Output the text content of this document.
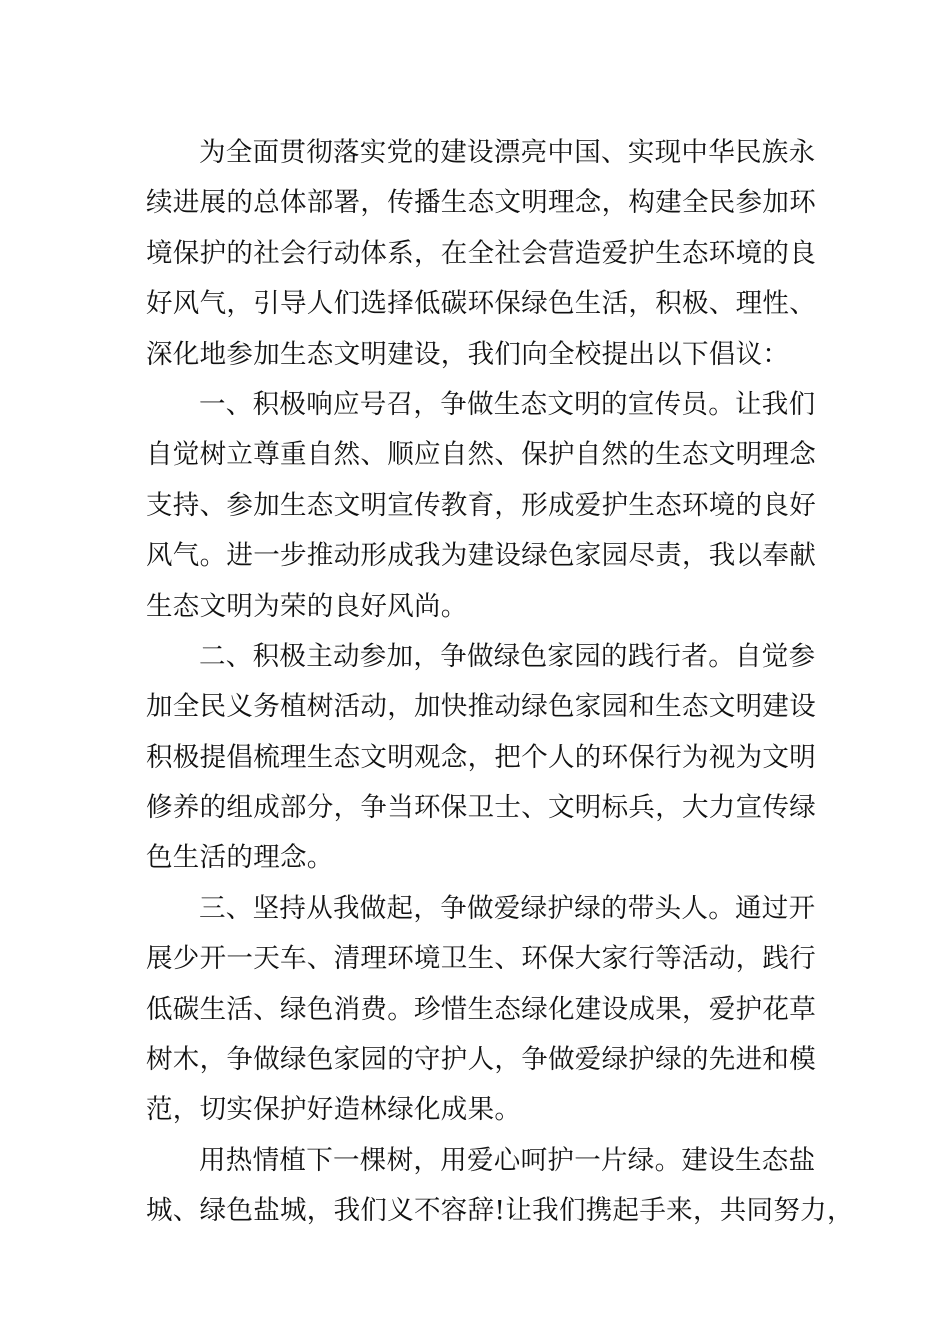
为全面贯彻落实党的建设漂亮中国、实现中华民族永
续进展的总体部署，传播生态文明理念，构建全民参加环
境保护的社会行动体系，在全社会营造爱护生态环境的良
好风气，引导人们选择低碳环保绿色生活，积极、理性、
深化地参加生态文明建设，我们向全校提出以下倡议：
一、积极响应号召，争做生态文明的宣传员。让我们
自觉树立尊重自然、顺应自然、保护自然的生态文明理念
支持、参加生态文明宣传教育，形成爱护生态环境的良好
风气。进一步推动形成我为建设绿色家园尽责，我以奉献
生态文明为荣的良好风尚。
二、积极主动参加，争做绿色家园的践行者。自觉参
加全民义务植树活动，加快推动绿色家园和生态文明建设
积极提倡梳理生态文明观念，把个人的环保行为视为文明
修养的组成部分，争当环保卫士、文明标兵，大力宣传绿
色生活的理念。
三、坚持从我做起，争做爱绿护绿的带头人。通过开
展少开一天车、清理环境卫生、环保大家行等活动，践行
低碳生活、绿色消费。珍惜生态绿化建设成果，爱护花草
树木，争做绿色家园的守护人，争做爱绿护绿的先进和模
范，切实保护好造林绿化成果。
用热情植下一棵树，用爱心呵护一片绿。建设生态盐
城、绿色盐城，我们义不容辞!让我们携起手来，共同努力，
